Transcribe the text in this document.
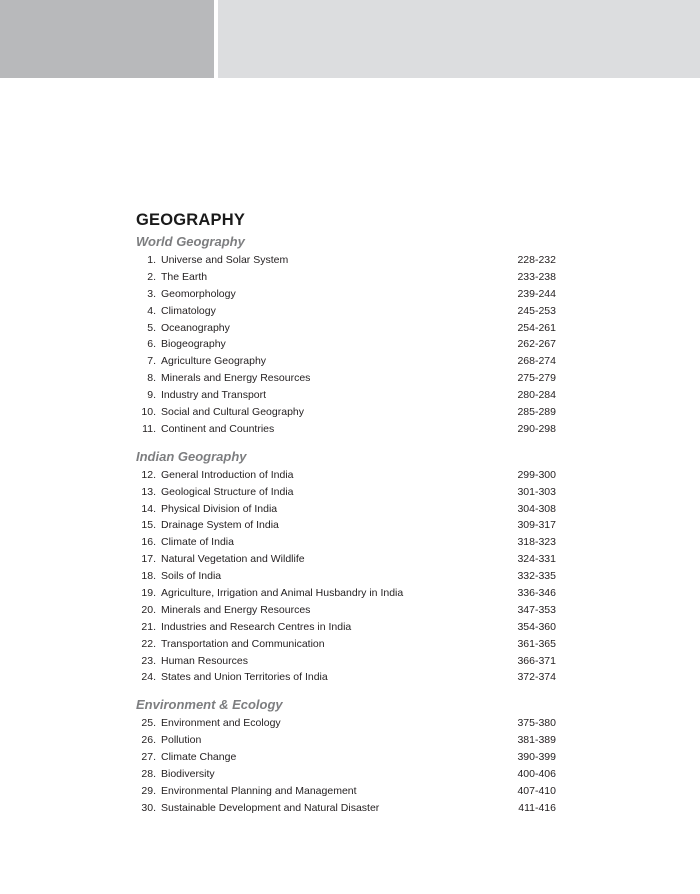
GEOGRAPHY
World Geography
1. Universe and Solar System	228-232
2. The Earth	233-238
3. Geomorphology	239-244
4. Climatology	245-253
5. Oceanography	254-261
6. Biogeography	262-267
7. Agriculture Geography	268-274
8. Minerals and Energy Resources	275-279
9. Industry and Transport	280-284
10. Social and Cultural Geography	285-289
11. Continent and Countries	290-298
Indian Geography
12. General Introduction of India	299-300
13. Geological Structure of India	301-303
14. Physical Division of India	304-308
15. Drainage System of India	309-317
16. Climate of India	318-323
17. Natural Vegetation and Wildlife	324-331
18. Soils of India	332-335
19. Agriculture, Irrigation and Animal Husbandry in India	336-346
20. Minerals and Energy Resources	347-353
21. Industries and Research Centres in India	354-360
22. Transportation and Communication	361-365
23. Human Resources	366-371
24. States and Union Territories of India	372-374
Environment & Ecology
25. Environment and Ecology	375-380
26. Pollution	381-389
27. Climate Change	390-399
28. Biodiversity	400-406
29. Environmental Planning and Management	407-410
30. Sustainable Development and Natural Disaster	411-416
